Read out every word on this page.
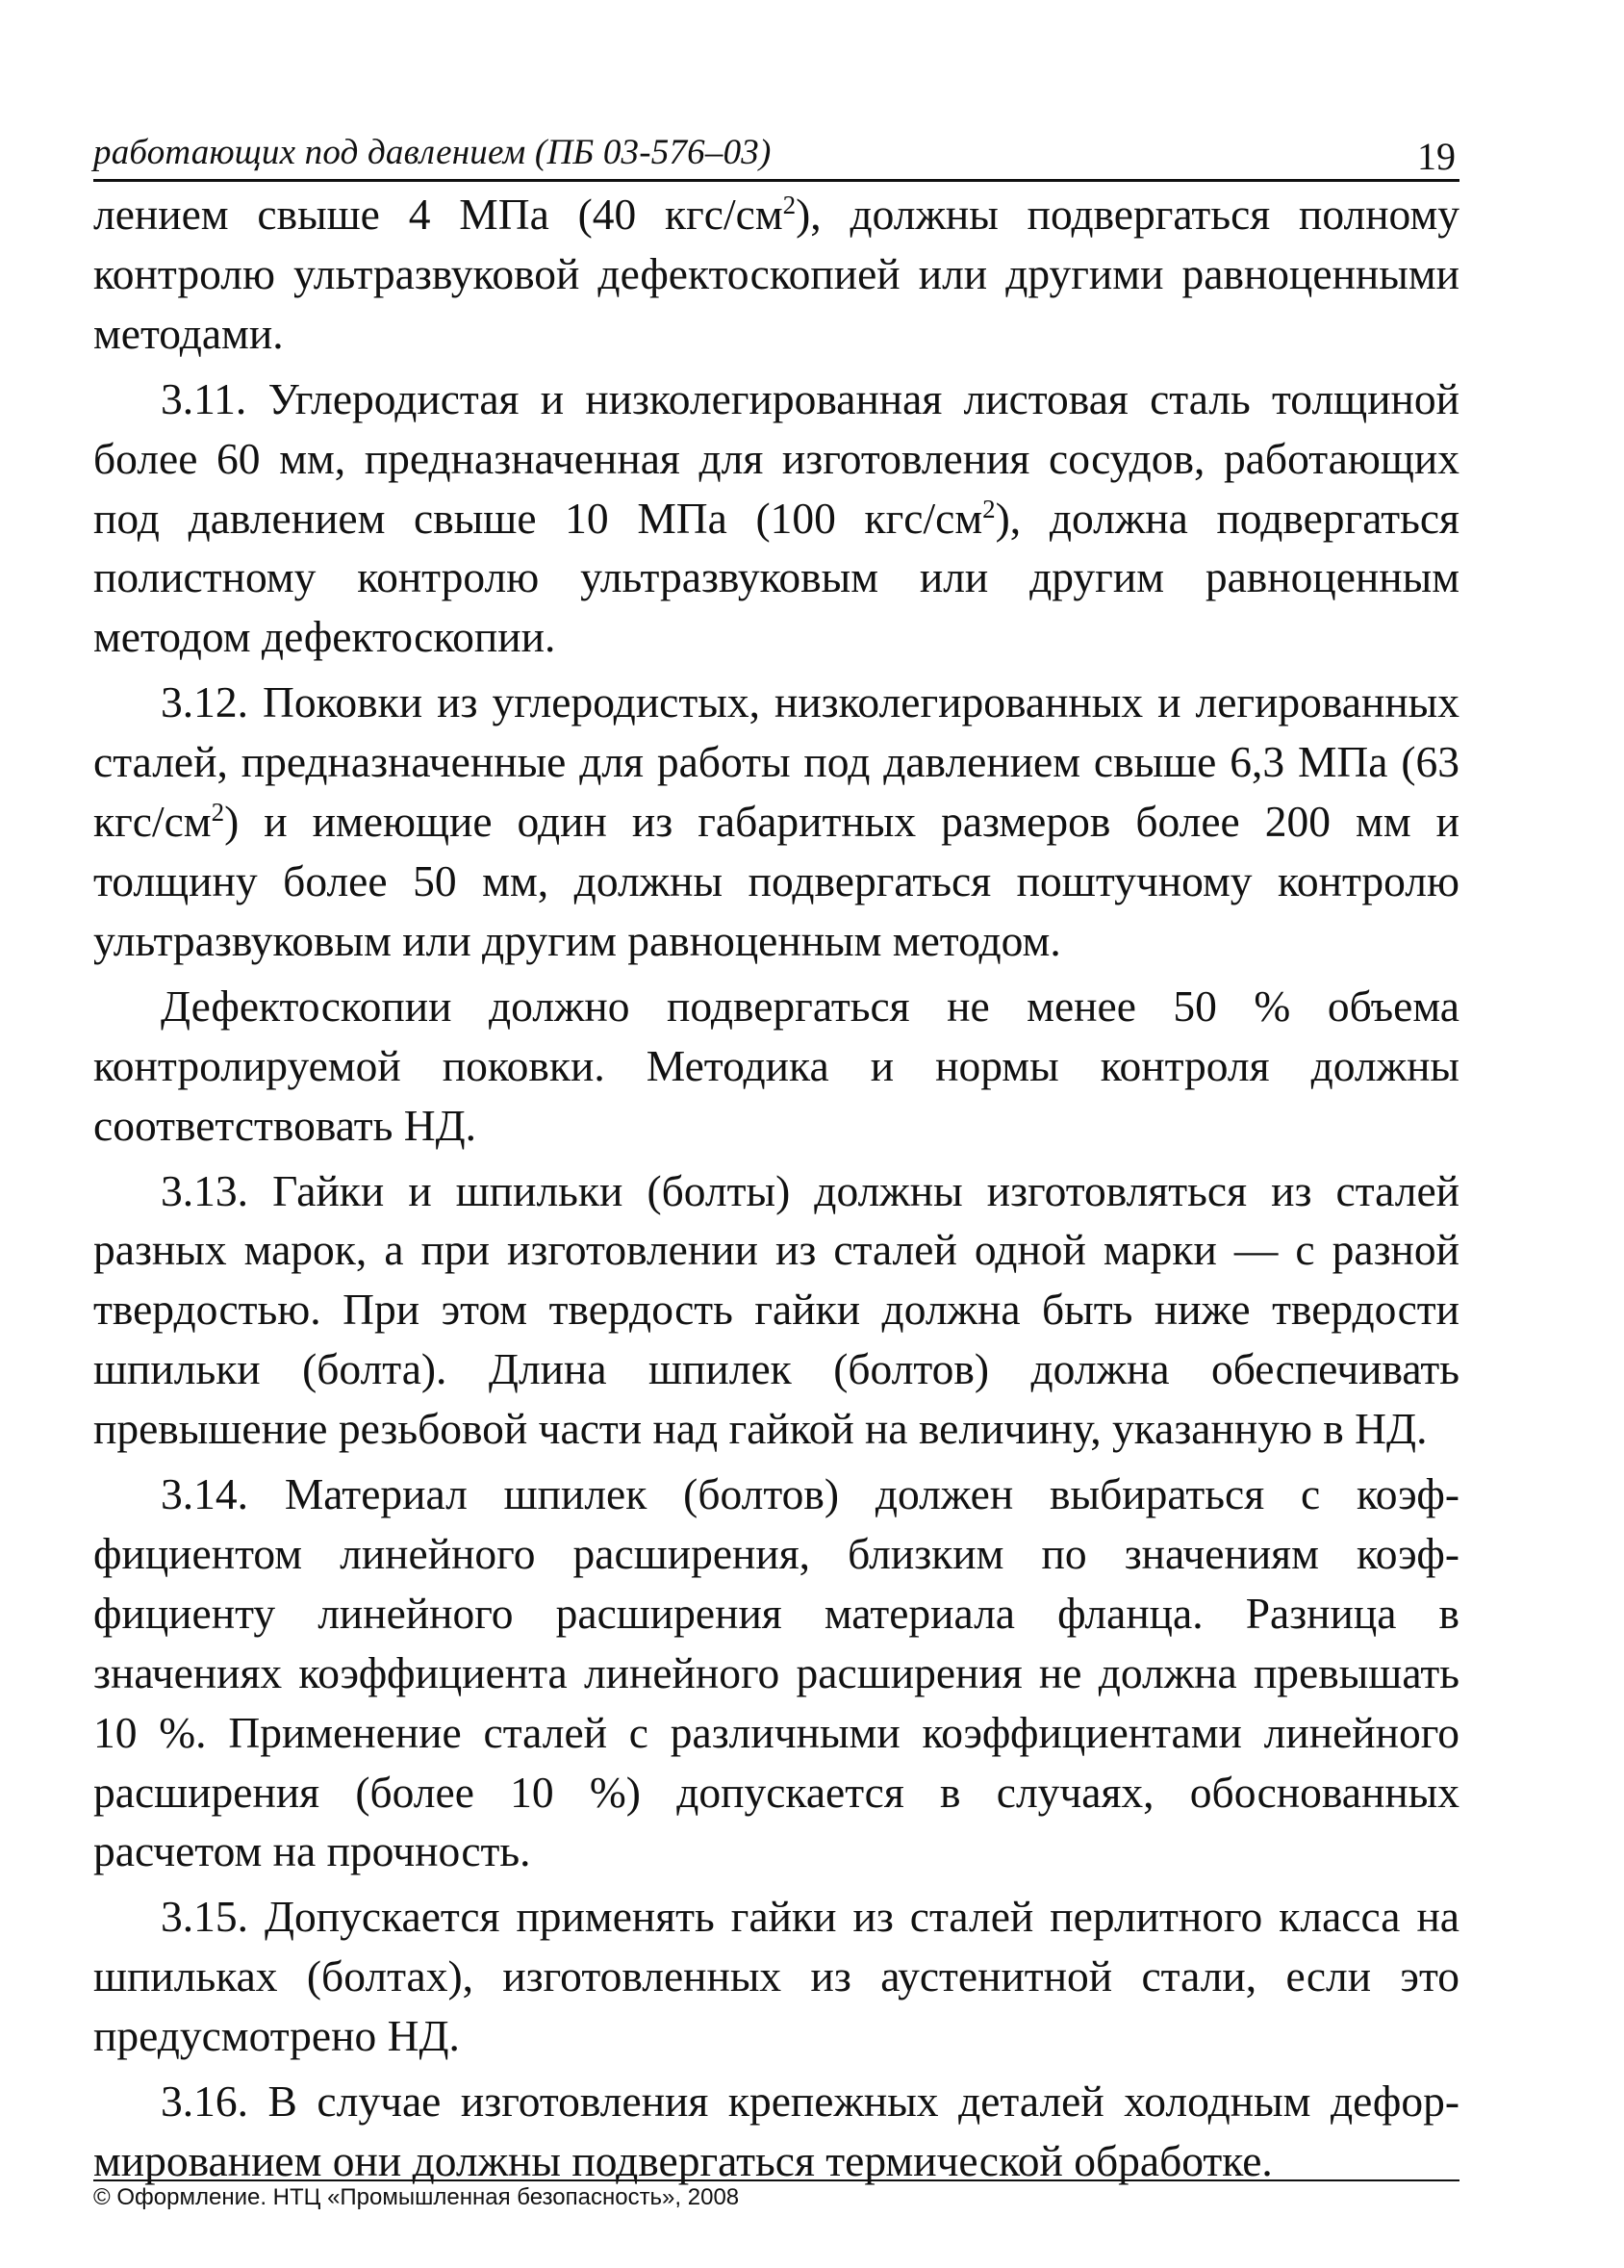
работающих под давлением (ПБ 03-576–03)	19

лением свыше 4 МПа (40 кгс/$см^2$), должны подвергаться полному контролю ультразвуковой дефектоскопией или другими равноценными методами.

3.11. Углеродистая и низколегированная листовая сталь толщиной более 60 мм, предназначенная для изготовления сосудов, работающих под давлением свыше 10 МПа (100 кгс/$см^2$), должна подвергаться полистному контролю ультразвуковым или другим равноценным методом дефектоскопии.

3.12. Поковки из углеродистых, низколегированных и легированных сталей, предназначенные для работы под давлением свыше 6,3 МПа (63 кгс/$см^2$) и имеющие один из габаритных размеров более 200 мм и толщину более 50 мм, должны подвергаться поштучному контролю ультразвуковым или другим равноценным методом.

Дефектоскопии должно подвергаться не менее 50 % объема контролируемой поковки. Методика и нормы контроля должны соответствовать НД.

3.13. Гайки и шпильки (болты) должны изготовляться из сталей разных марок, а при изготовлении из сталей одной марки — с разной твердостью. При этом твердость гайки должна быть ниже твердости шпильки (болта). Длина шпилек (болтов) должна обеспечивать превышение резьбовой части над гайкой на величину, указанную в НД.

3.14. Материал шпилек (болтов) должен выбираться с коэффициентом линейного расширения, близким по значениям коэффициенту линейного расширения материала фланца. Разница в значениях коэффициента линейного расширения не должна превышать 10 %. Применение сталей с различными коэффициентами линейного расширения (более 10 %) допускается в случаях, обоснованных расчетом на прочность.

3.15. Допускается применять гайки из сталей перлитного класса на шпильках (болтах), изготовленных из аустенитной стали, если это предусмотрено НД.

3.16. В случае изготовления крепежных деталей холодным деформированием они должны подвергаться термической обработке.

© Оформление. НТЦ «Промышленная безопасность», 2008
